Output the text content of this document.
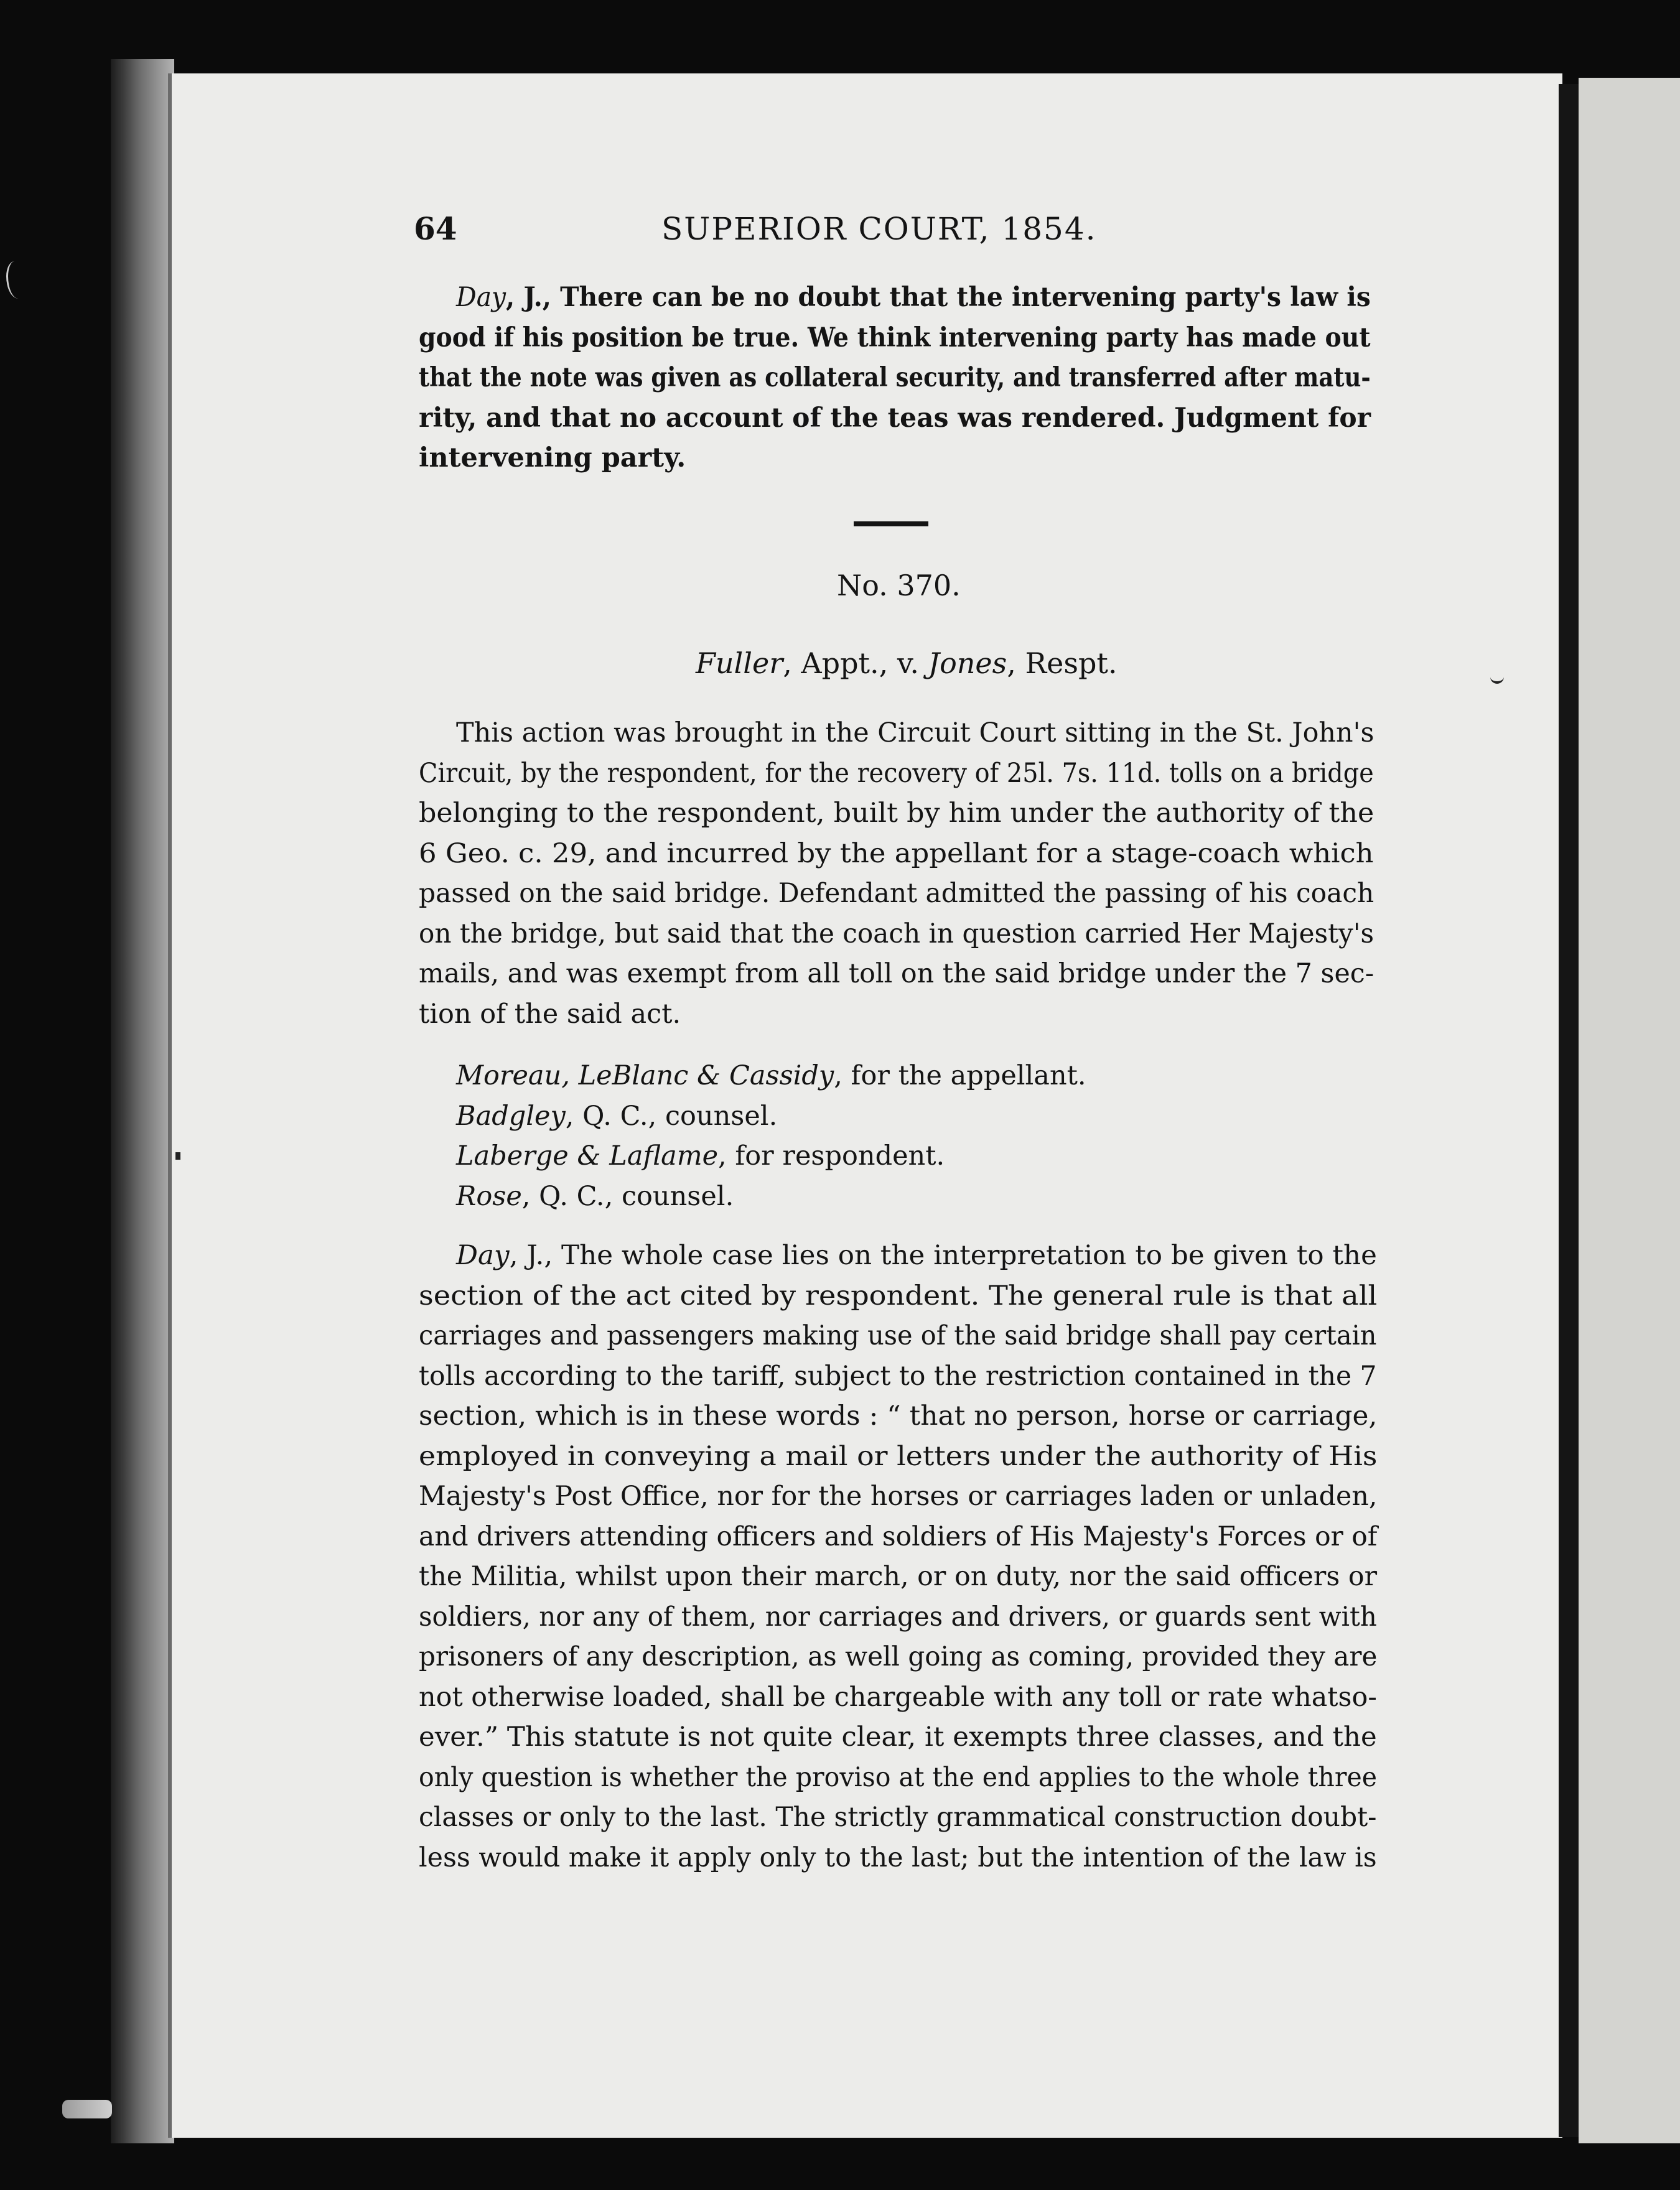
64	SUPERIOR COURT, 1854.
No. 370.
Fuller, Appt., v. Jones, Respt.
Day, J., There can be no doubt that the intervening party's law is
good if his position be true. We think intervening party has made out
that the note was given as collateral security, and transferred after matu-
rity, and that no account of the teas was rendered. Judgment for
intervening party.
This action was brought in the Circuit Court sitting in the St. John's
Circuit, by the respondent, for the recovery of 25l. 7s. 11d. tolls on a bridge
belonging to the respondent, built by him under the authority of the
6 Geo. c. 29, and incurred by the appellant for a stage-coach which
passed on the said bridge. Defendant admitted the passing of his coach
on the bridge, but said that the coach in question carried Her Majesty's
mails, and was exempt from all toll on the said bridge under the 7 sec-
tion of the said act.
Day, J., The whole case lies on the interpretation to be given to the
section of the act cited by respondent. The general rule is that all
carriages and passengers making use of the said bridge shall pay certain
tolls according to the tariff, subject to the restriction contained in the 7
section, which is in these words : “ that no person, horse or carriage,
employed in conveying a mail or letters under the authority of His
Majesty's Post Office, nor for the horses or carriages laden or unladen,
and drivers attending officers and soldiers of His Majesty's Forces or of
the Militia, whilst upon their march, or on duty, nor the said officers or
soldiers, nor any of them, nor carriages and drivers, or guards sent with
prisoners of any description, as well going as coming, provided they are
not otherwise loaded, shall be chargeable with any toll or rate whatso-
ever.” This statute is not quite clear, it exempts three classes, and the
only question is whether the proviso at the end applies to the whole three
classes or only to the last. The strictly grammatical construction doubt-
less would make it apply only to the last; but the intention of the law is
Moreau, LeBlanc & Cassidy, for the appellant.
Badgley, Q. C., counsel.
Laberge & Laflame, for respondent.
Rose, Q. C., counsel.
